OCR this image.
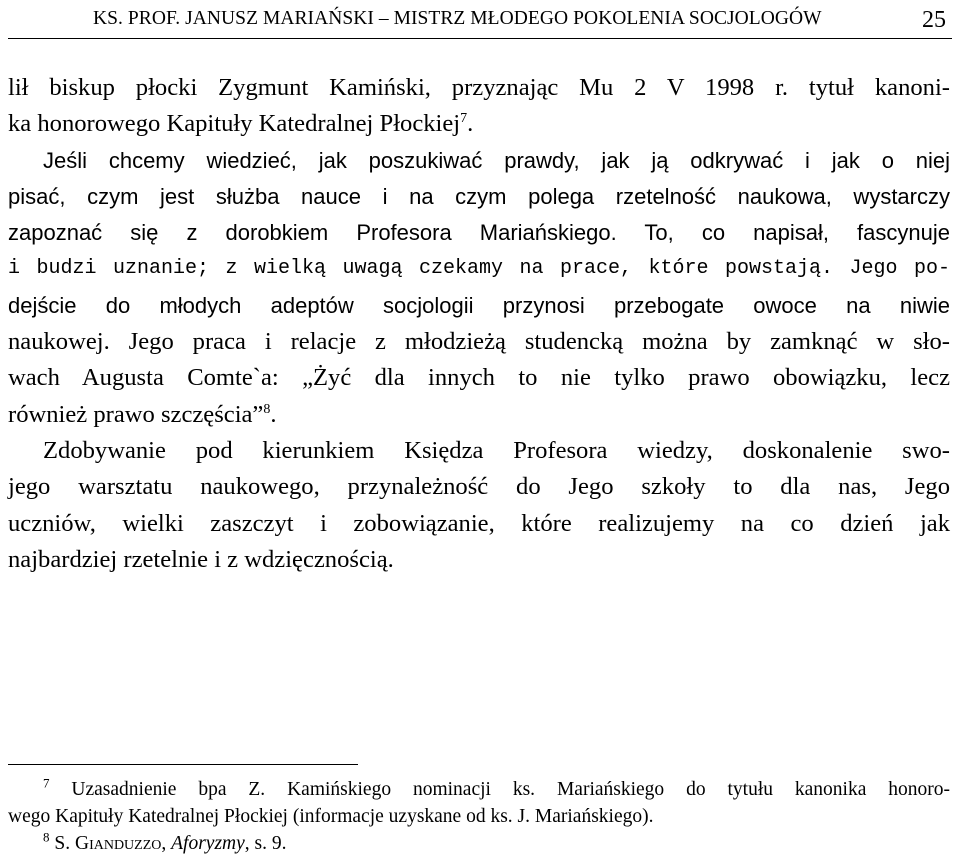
KS. PROF. JANUSZ MARIAŃSKI – MISTRZ MŁODEGO POKOLENIA SOCJOLOGÓW	25
lił biskup płocki Zygmunt Kamiński, przyznając Mu 2 V 1998 r. tytuł kanoni-
ka honorowego Kapituły Katedralnej Płockiej$^7$.
Jeśli chcemy wiedzieć, jak poszukiwać prawdy, jak ją odkrywać i jak o niej
pisać, czym jest służba nauce i na czym polega rzetelność naukowa, wystarczy
zapoznać się z dorobkiem Profesora Mariańskiego. To, co napisał, fascynuje
i budzi uznanie; z wielką uwagą czekamy na prace, które powstają. Jego po-
dejście do młodych adeptów socjologii przynosi przebogate owoce na niwie
naukowej. Jego praca i relacje z młodzieżą studencką można by zamknąć w sło-
wach Augusta Comte`a: „Żyć dla innych to nie tylko prawo obowiązku, lecz
również prawo szczęścia”$^8$.
Zdobywanie pod kierunkiem Księdza Profesora wiedzy, doskonalenie swo-
jego warsztatu naukowego, przynależność do Jego szkoły to dla nas, Jego
uczniów, wielki zaszczyt i zobowiązanie, które realizujemy na co dzień jak
najbardziej rzetelnie i z wdzięcznością.
$^7$ Uzasadnienie bpa Z. Kamińskiego nominacji ks. Mariańskiego do tytułu kanonika honoro-
wego Kapituły Katedralnej Płockiej (informacje uzyskane od ks. J. Mariańskiego).
$^8$ S. Gianduzzo, Aforyzmy, s. 9.
